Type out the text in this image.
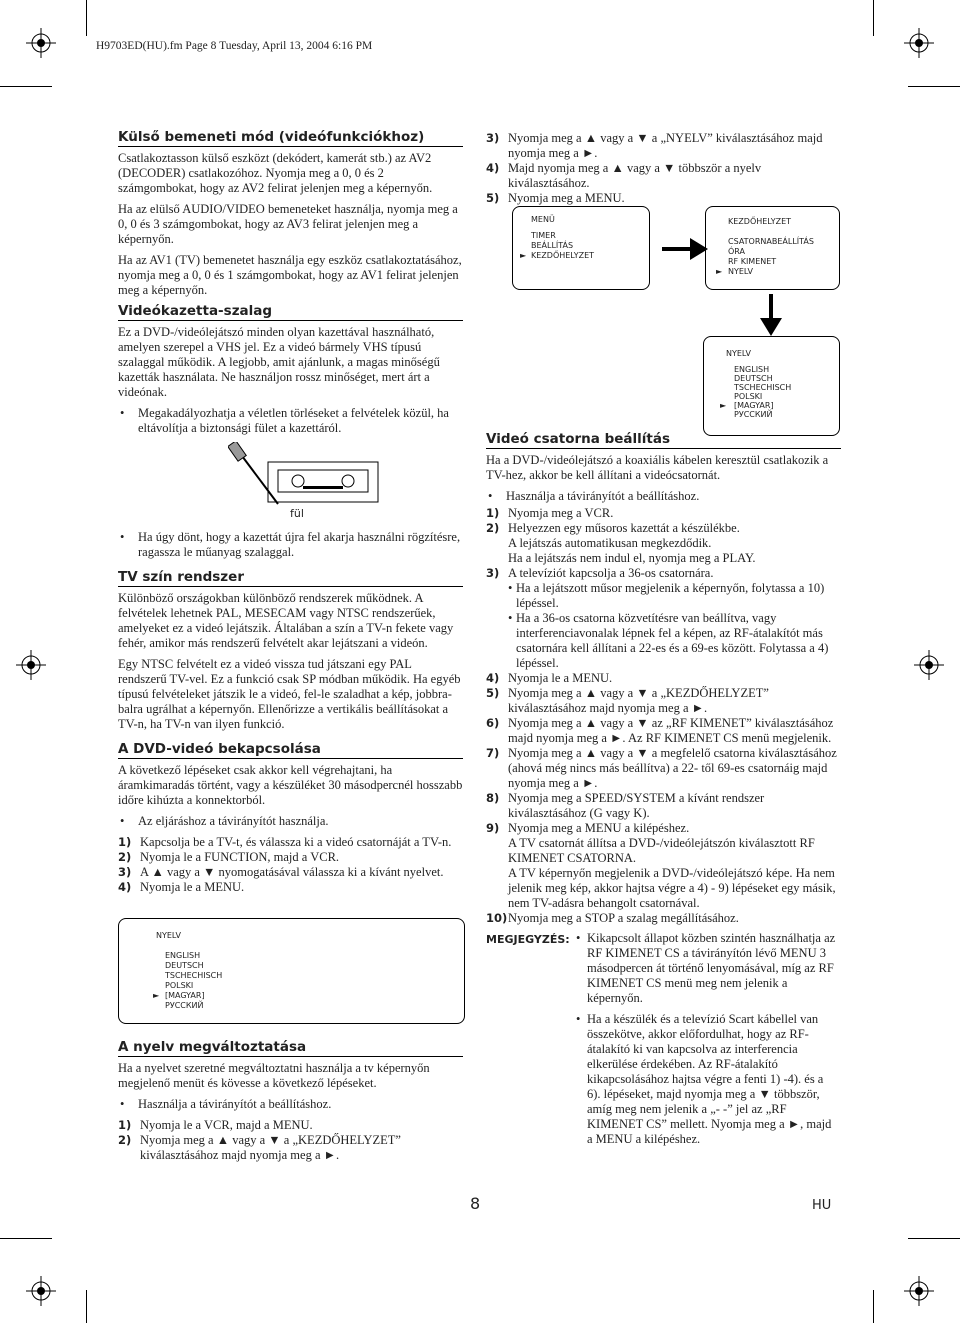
H9703ED(HU).fm Page 8 Tuesday, April 13, 2004 6:16 PM
Külső bemeneti mód (videófunkciókhoz)

Csatlakoztasson külső eszközt (dekódert, kamerát stb.) az AV2 (DECODER) csatlakozóhoz. Nyomja meg a 0, 0 és 2 számgombokat, hogy az AV2 felirat jelenjen meg a képernyőn.

Ha az elülső AUDIO/VIDEO bemeneteket használja, nyomja meg a 0, 0 és 3 számgombokat, hogy az AV3 felirat jelenjen meg a képernyőn.

Ha az AV1 (TV) bemenetet használja egy eszköz csatlakoztatásához, nyomja meg a 0, 0 és 1 számgombokat, hogy az AV1 felirat jelenjen meg a képernyőn.

Videókazetta-szalag

Ez a DVD-/videólejátszó minden olyan kazettával használható, amelyen szerepel a VHS jel. Ez a videó bármely VHS típusú szalaggal működik. A legjobb, amit ajánlunk, a magas minőségű kazetták használata. Ne használjon rossz minőséget, mert árt a videónak.

• Megakadályozhatja a véletlen törléseket a felvételek közül, ha eltávolítja a biztonsági fület a kazettáról.
fül
• Ha úgy dönt, hogy a kazettát újra fel akarja használni rögzítésre, ragassza le műanyag szalaggal.
TV szín rendszer

Különböző országokban különböző rendszerek működnek. A felvételek lehetnek PAL, MESECAM vagy NTSC rendszerűek, amelyeket ez a videó lejátszik. Általában a szín a TV-n fekete vagy fehér, amikor más rendszerű felvételt akar lejátszani a videón.

Egy NTSC felvételt ez a videó vissza tud játszani egy PAL rendszerű TV-vel. Ez a funkció csak SP módban működik. Ha egyéb típusú felvételeket játszik le a videó, fel-le szaladhat a kép, jobbra-balra ugrálhat a képernyőn. Ellenőrizze a vertikális beállításokat a TV-n, ha TV-n van ilyen funkció.

A DVD-videó bekapcsolása

A következő lépéseket csak akkor kell végrehajtani, ha áramkimaradás történt, vagy a készüléket 30 másodpercnél hosszabb időre kihúzta a konnektorból.

• Az eljáráshoz a távirányítót használja.
1) Kapcsolja be a TV-t, és válassza ki a videó csatornáját a TV-n.
2) Nyomja le a FUNCTION, majd a VCR.
3) A ▲ vagy a ▼ nyomogatásával válassza ki a kívánt nyelvet.
4) Nyomja le a MENU.
NYELV
ENGLISH
DEUTSCH
TSCHECHISCH
POLSKI
► [MAGYAR]
РУССКИЙ
A nyelv megváltoztatása

Ha a nyelvet szeretné megváltoztatni használja a tv képernyőn megjelenő menüt és kövesse a következő lépéseket.

• Használja a távirányítót a beállításhoz.
1) Nyomja le a VCR, majd a MENU.
2) Nyomja meg a ▲ vagy a ▼ a „KEZDŐHELYZET” kiválasztásához majd nyomja meg a ►.
3) Nyomja meg a ▲ vagy a ▼ a „NYELV” kiválasztásához majd nyomja meg a ►.
4) Majd nyomja meg a ▲ vagy a ▼ többször a nyelv kiválasztásához.
5) Nyomja meg a MENU.
MENÜ
TIMER
BEÁLLÍTÁS
► KEZDŐHELYZET
KEZDŐHELYZET
CSATORNABEÁLLÍTÁS
ÓRA
RF KIMENET
► NYELV
NYELV
ENGLISH
DEUTSCH
TSCHECHISCH
POLSKI
► [MAGYAR]
РУССКИЙ
Videó csatorna beállítás

Ha a DVD-/videólejátszó a koaxiális kábelen keresztül csatlakozik a TV-hez, akkor be kell állítani a videócsatornát.

• Használja a távirányítót a beállításhoz.
1) Nyomja meg a VCR.
2) Helyezzen egy műsoros kazettát a készülékbe.
A lejátszás automatikusan megkezdődik.
Ha a lejátszás nem indul el, nyomja meg a PLAY.
3) A televíziót kapcsolja a 36-os csatornára.
• Ha a lejátszott műsor megjelenik a képernyőn, folytassa a 10) lépéssel.
• Ha a 36-os csatorna közvetítésre van beállítva, vagy interferenciavonalak lépnek fel a képen, az RF-átalakítót más csatornára kell állítani a 22-es és a 69-es között. Folytassa a 4) lépéssel.
4) Nyomja le a MENU.
5) Nyomja meg a ▲ vagy a ▼ a „KEZDŐHELYZET” kiválasztásához majd nyomja meg a ►.
6) Nyomja meg a ▲ vagy a ▼ az „RF KIMENET” kiválasztásához majd nyomja meg a ►. Az RF KIMENET CS menü megjelenik.
7) Nyomja meg a ▲ vagy a ▼ a megfelelő csatorna kiválasztásához (ahová még nincs más beállítva) a 22- től 69-es csatornáig majd nyomja meg a ►.
8) Nyomja meg a SPEED/SYSTEM a kívánt rendszer kiválasztásához (G vagy K).
9) Nyomja meg a MENU a kilépéshez.
A TV csatornát állítsa a DVD-/videólejátszón kiválasztott RF KIMENET CSATORNA.
A TV képernyőn megjelenik a DVD-/videólejátszó képe. Ha nem jelenik meg kép, akkor hajtsa végre a 4) - 9) lépéseket egy másik, nem TV-adásra behangolt csatornával.
10) Nyomja meg a STOP a szalag megállításához.
MEGJEGYZÉS: • Kikapcsolt állapot közben szintén használhatja az RF KIMENET CS a távirányítón lévő MENU 3 másodpercen át történő lenyomásával, míg az RF KIMENET CS menü meg nem jelenik a képernyőn.
• Ha a készülék és a televízió Scart kábellel van összekötve, akkor előfordulhat, hogy az RF-átalakító ki van kapcsolva az interferencia elkerülése érdekében. Az RF-átalakító kikapcsolásához hajtsa végre a fenti 1) -4). és a 6). lépéseket, majd nyomja meg a ▼ többször, amíg meg nem jelenik a „- -” jel az „RF KIMENET CS” mellett. Nyomja meg a ►, majd a MENU a kilépéshez.
8	HU
